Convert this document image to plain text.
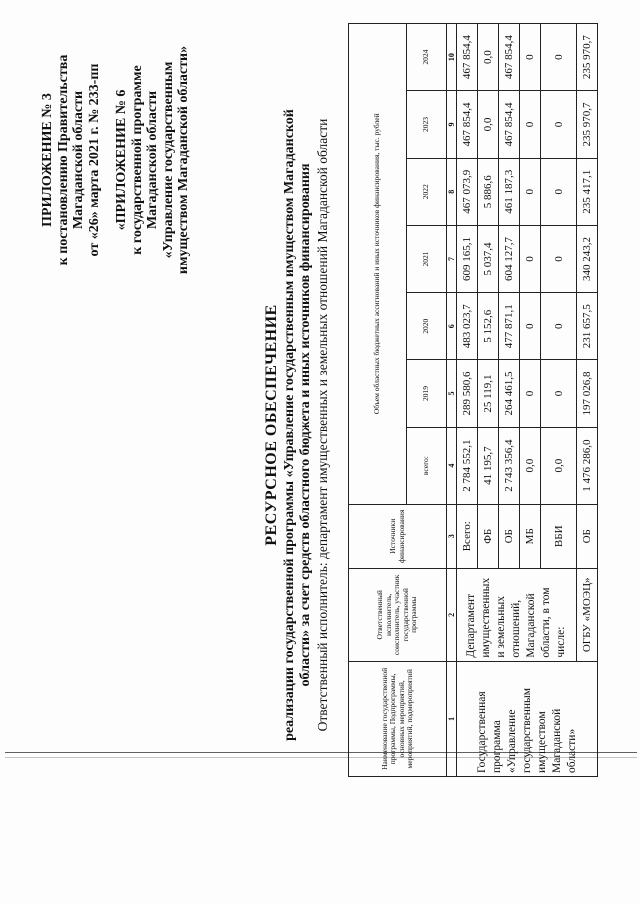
ПРИЛОЖЕНИЕ № 3 к постановлению Правительства Магаданской области от «26» марта 2021 г. № 233-пп «ПРИЛОЖЕНИЕ № 6 к государственной программе Магаданской области «Управление государственным имуществом Магаданской области»
РЕСУРСНОЕ ОБЕСПЕЧЕНИЕ реализации государственной программы «Управление государственным имуществом Магаданской области» за счет средств областного бюджета и иных источников финансирования Ответственный исполнитель: департамент имущественных и земельных отношений Магаданской области	Наименование государственной программы, Подпрограммы, основных мероприятий, мероприятий, подмероприятий	Ответственный исполнитель, соисполнитель, участник государственной программы	Источники финансирования	Объем областных бюджетных ассигнований и иных источников финансирования, тыс. рублей						
			всего:	2019	2020	2021	2022	2023	2024
1	2	3	4	5	6	7	8	9	10
Государственная программа «Управление государственным имуществом Магаданской области»	Департамент имущественных и земельных отношений, Магаданской области, в том числе:	Всего:	2 784 552,1	289 580,6	483 023,7	609 165,1	467 073,9	467 854,4	467 854,4
		ФБ	41 195,7	25 119,1	5 152,6	5 037,4	5 886,6	0,0	0,0
		ОБ	2 743 356,4	264 461,5	477 871,1	604 127,7	461 187,3	467 854,4	467 854,4
		МБ	0,0	0	0	0	0	0	0
		ВБИ	0,0	0	0	0	0	0	0
	ОГБУ «МОЭЦ»	ОБ	1 476 286,0	197 026,8	231 657,5	340 243,2	235 417,1	235 970,7	235 970,7
